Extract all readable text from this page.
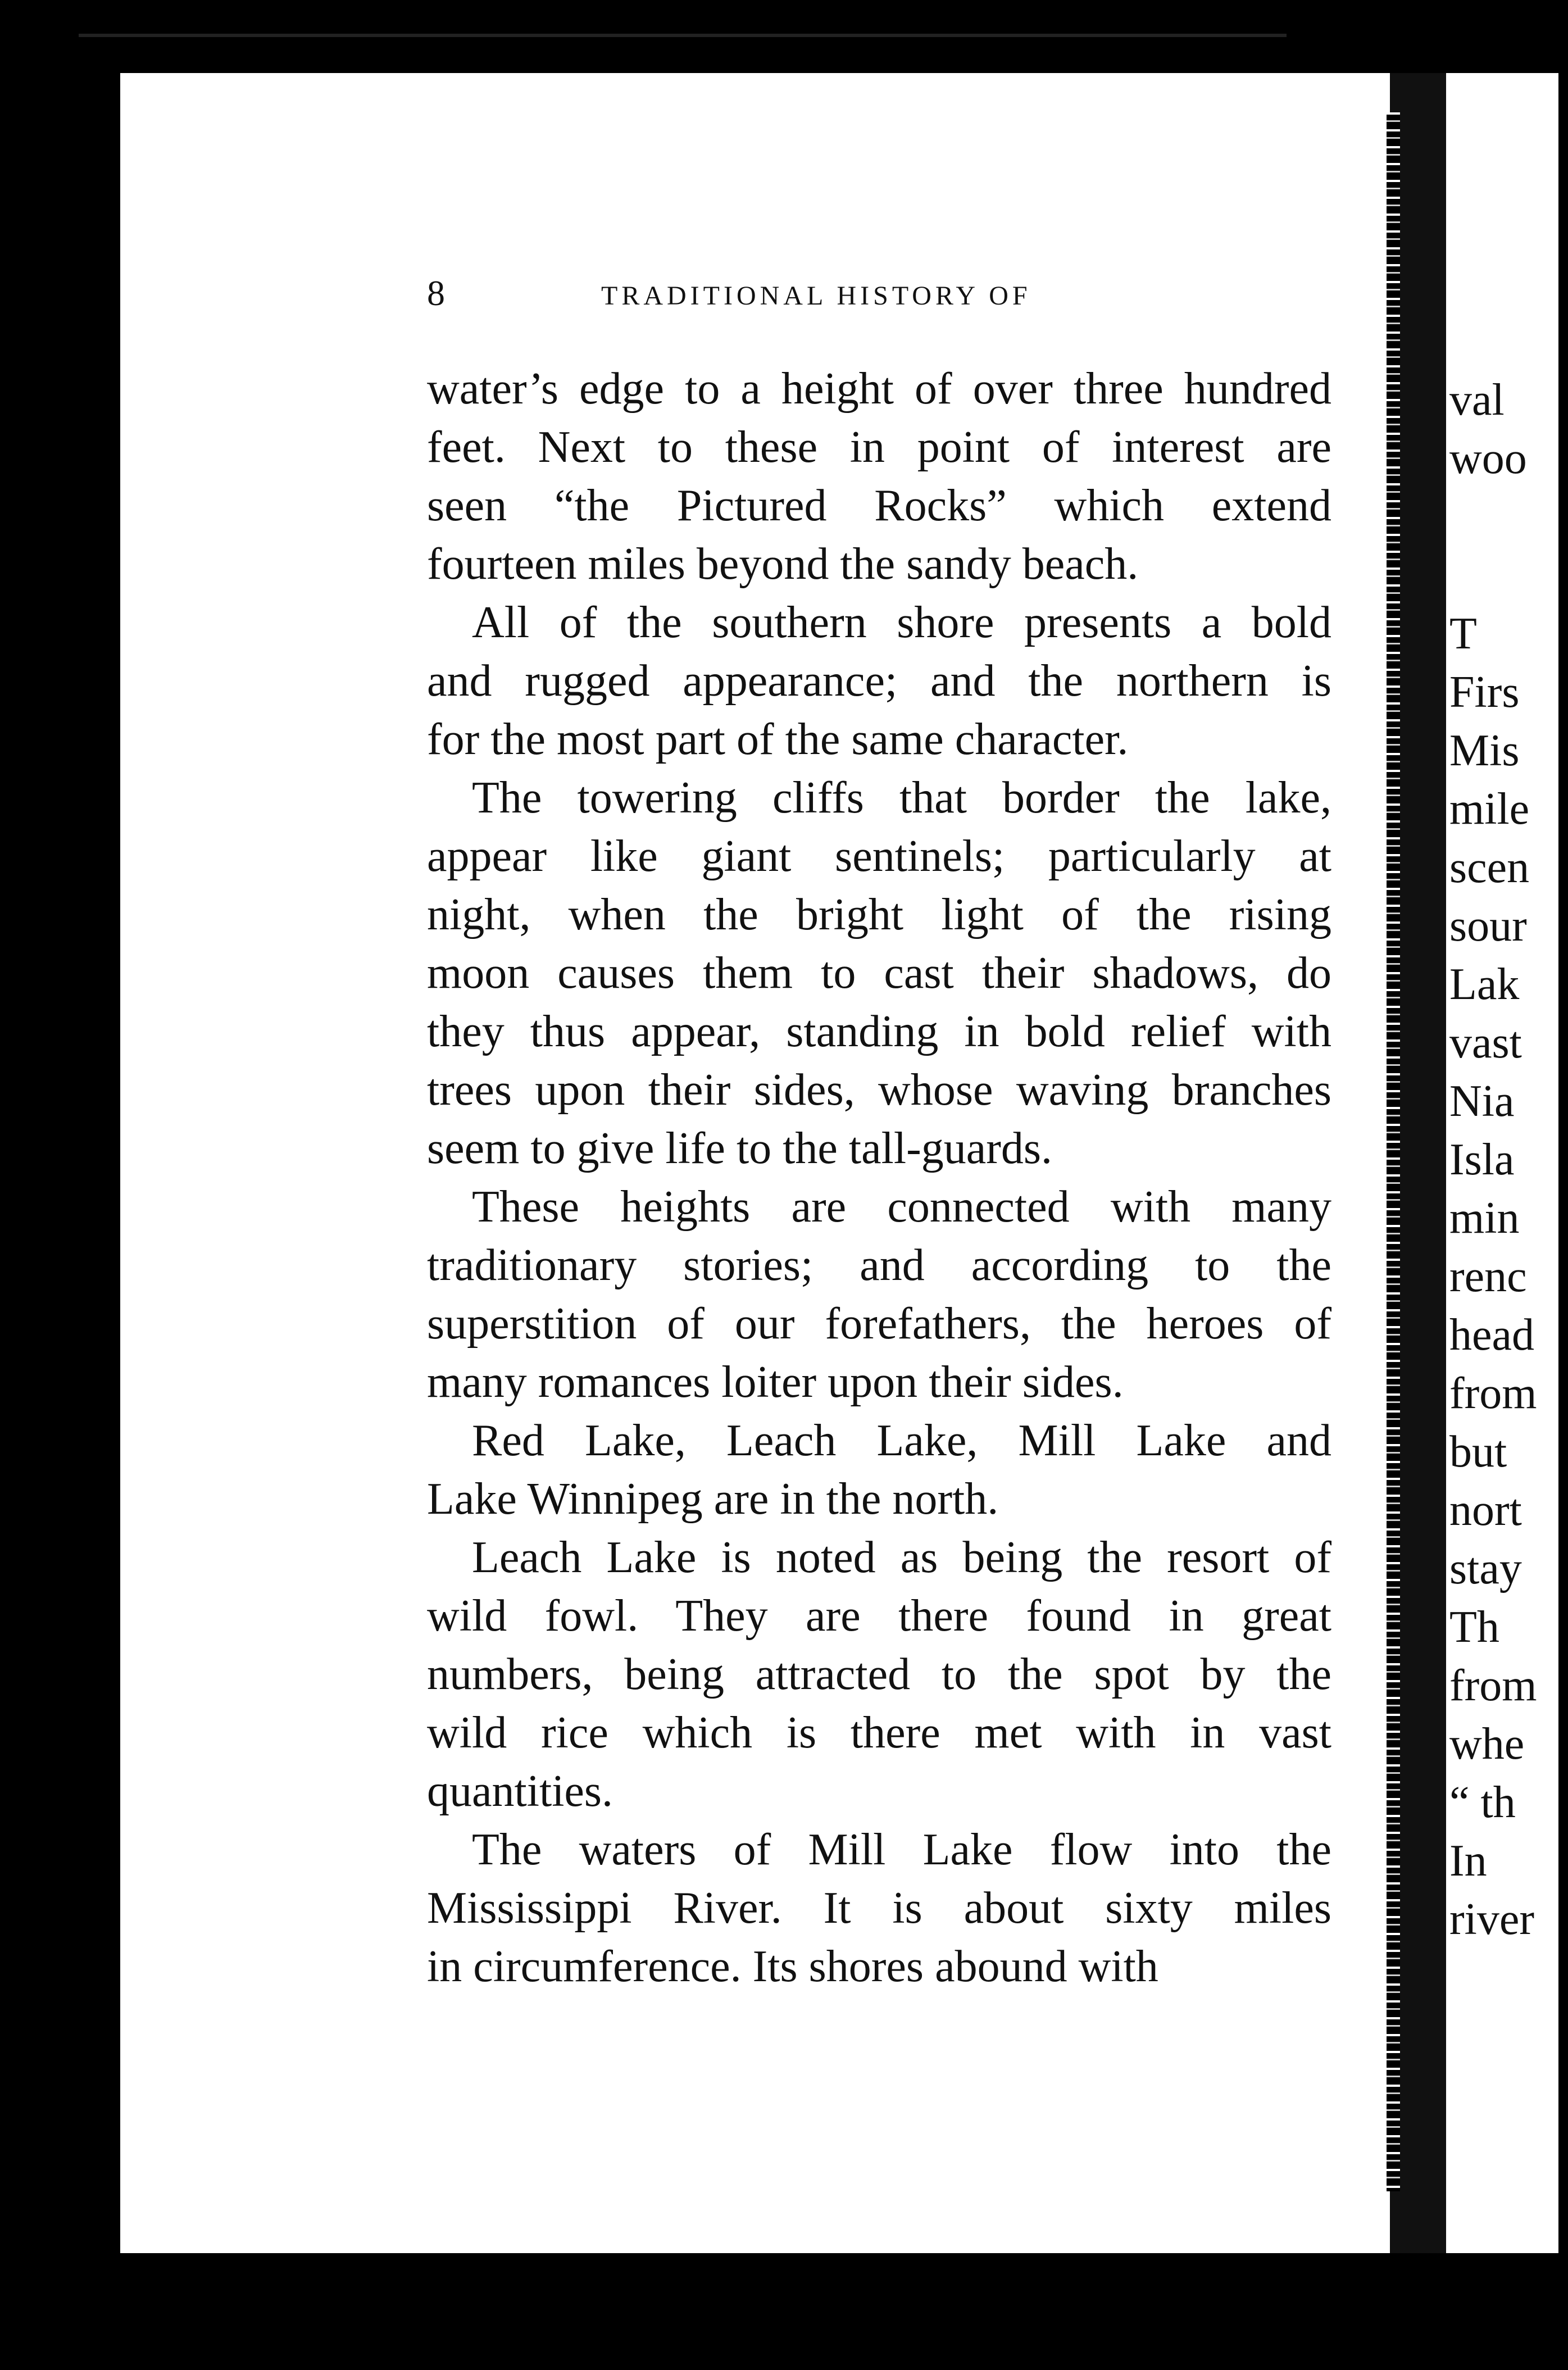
8	TRADITIONAL HISTORY OF
water’s edge to a height of over three hundred
feet. Next to these in point of interest are
seen “the Pictured Rocks” which extend
fourteen miles beyond the sandy beach.
All of the southern shore presents a bold
and rugged appearance; and the northern is
for the most part of the same character.
The towering cliffs that border the lake,
appear like giant sentinels; particularly at
night, when the bright light of the rising
moon causes them to cast their shadows, do
they thus appear, standing in bold relief with
trees upon their sides, whose waving branches
seem to give life to the tall-guards.
These heights are connected with many
traditionary stories; and according to the
superstition of our forefathers, the heroes of
many romances loiter upon their sides.
Red Lake, Leach Lake, Mill Lake and
Lake Winnipeg are in the north.
Leach Lake is noted as being the resort of
wild fowl. They are there found in great
numbers, being attracted to the spot by the
wild rice which is there met with in vast
quantities.
The waters of Mill Lake flow into the
Mississippi River. It is about sixty miles
in circumference. Its shores abound with
val
woo

T
Firs
Mis
mile
scen
sour
Lak
vast
Nia
Isla
min
renc
head
from
but
nort
stay
Th
from
whe
“ th
In
river
